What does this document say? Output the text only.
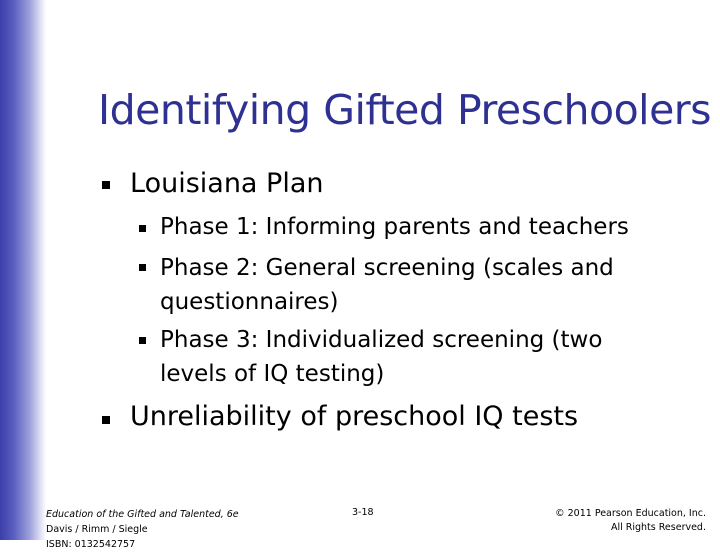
Identifying Gifted Preschoolers
Louisiana Plan
Phase 1: Informing parents and teachers
Phase 2: General screening (scales and questionnaires)
Phase 3: Individualized screening (two levels of IQ testing)
Unreliability of preschool IQ tests
Education of the Gifted and Talented, 6e
Davis / Rimm / Siegle
ISBN: 0132542757
3-18	© 2011 Pearson Education, Inc.
All Rights Reserved.
